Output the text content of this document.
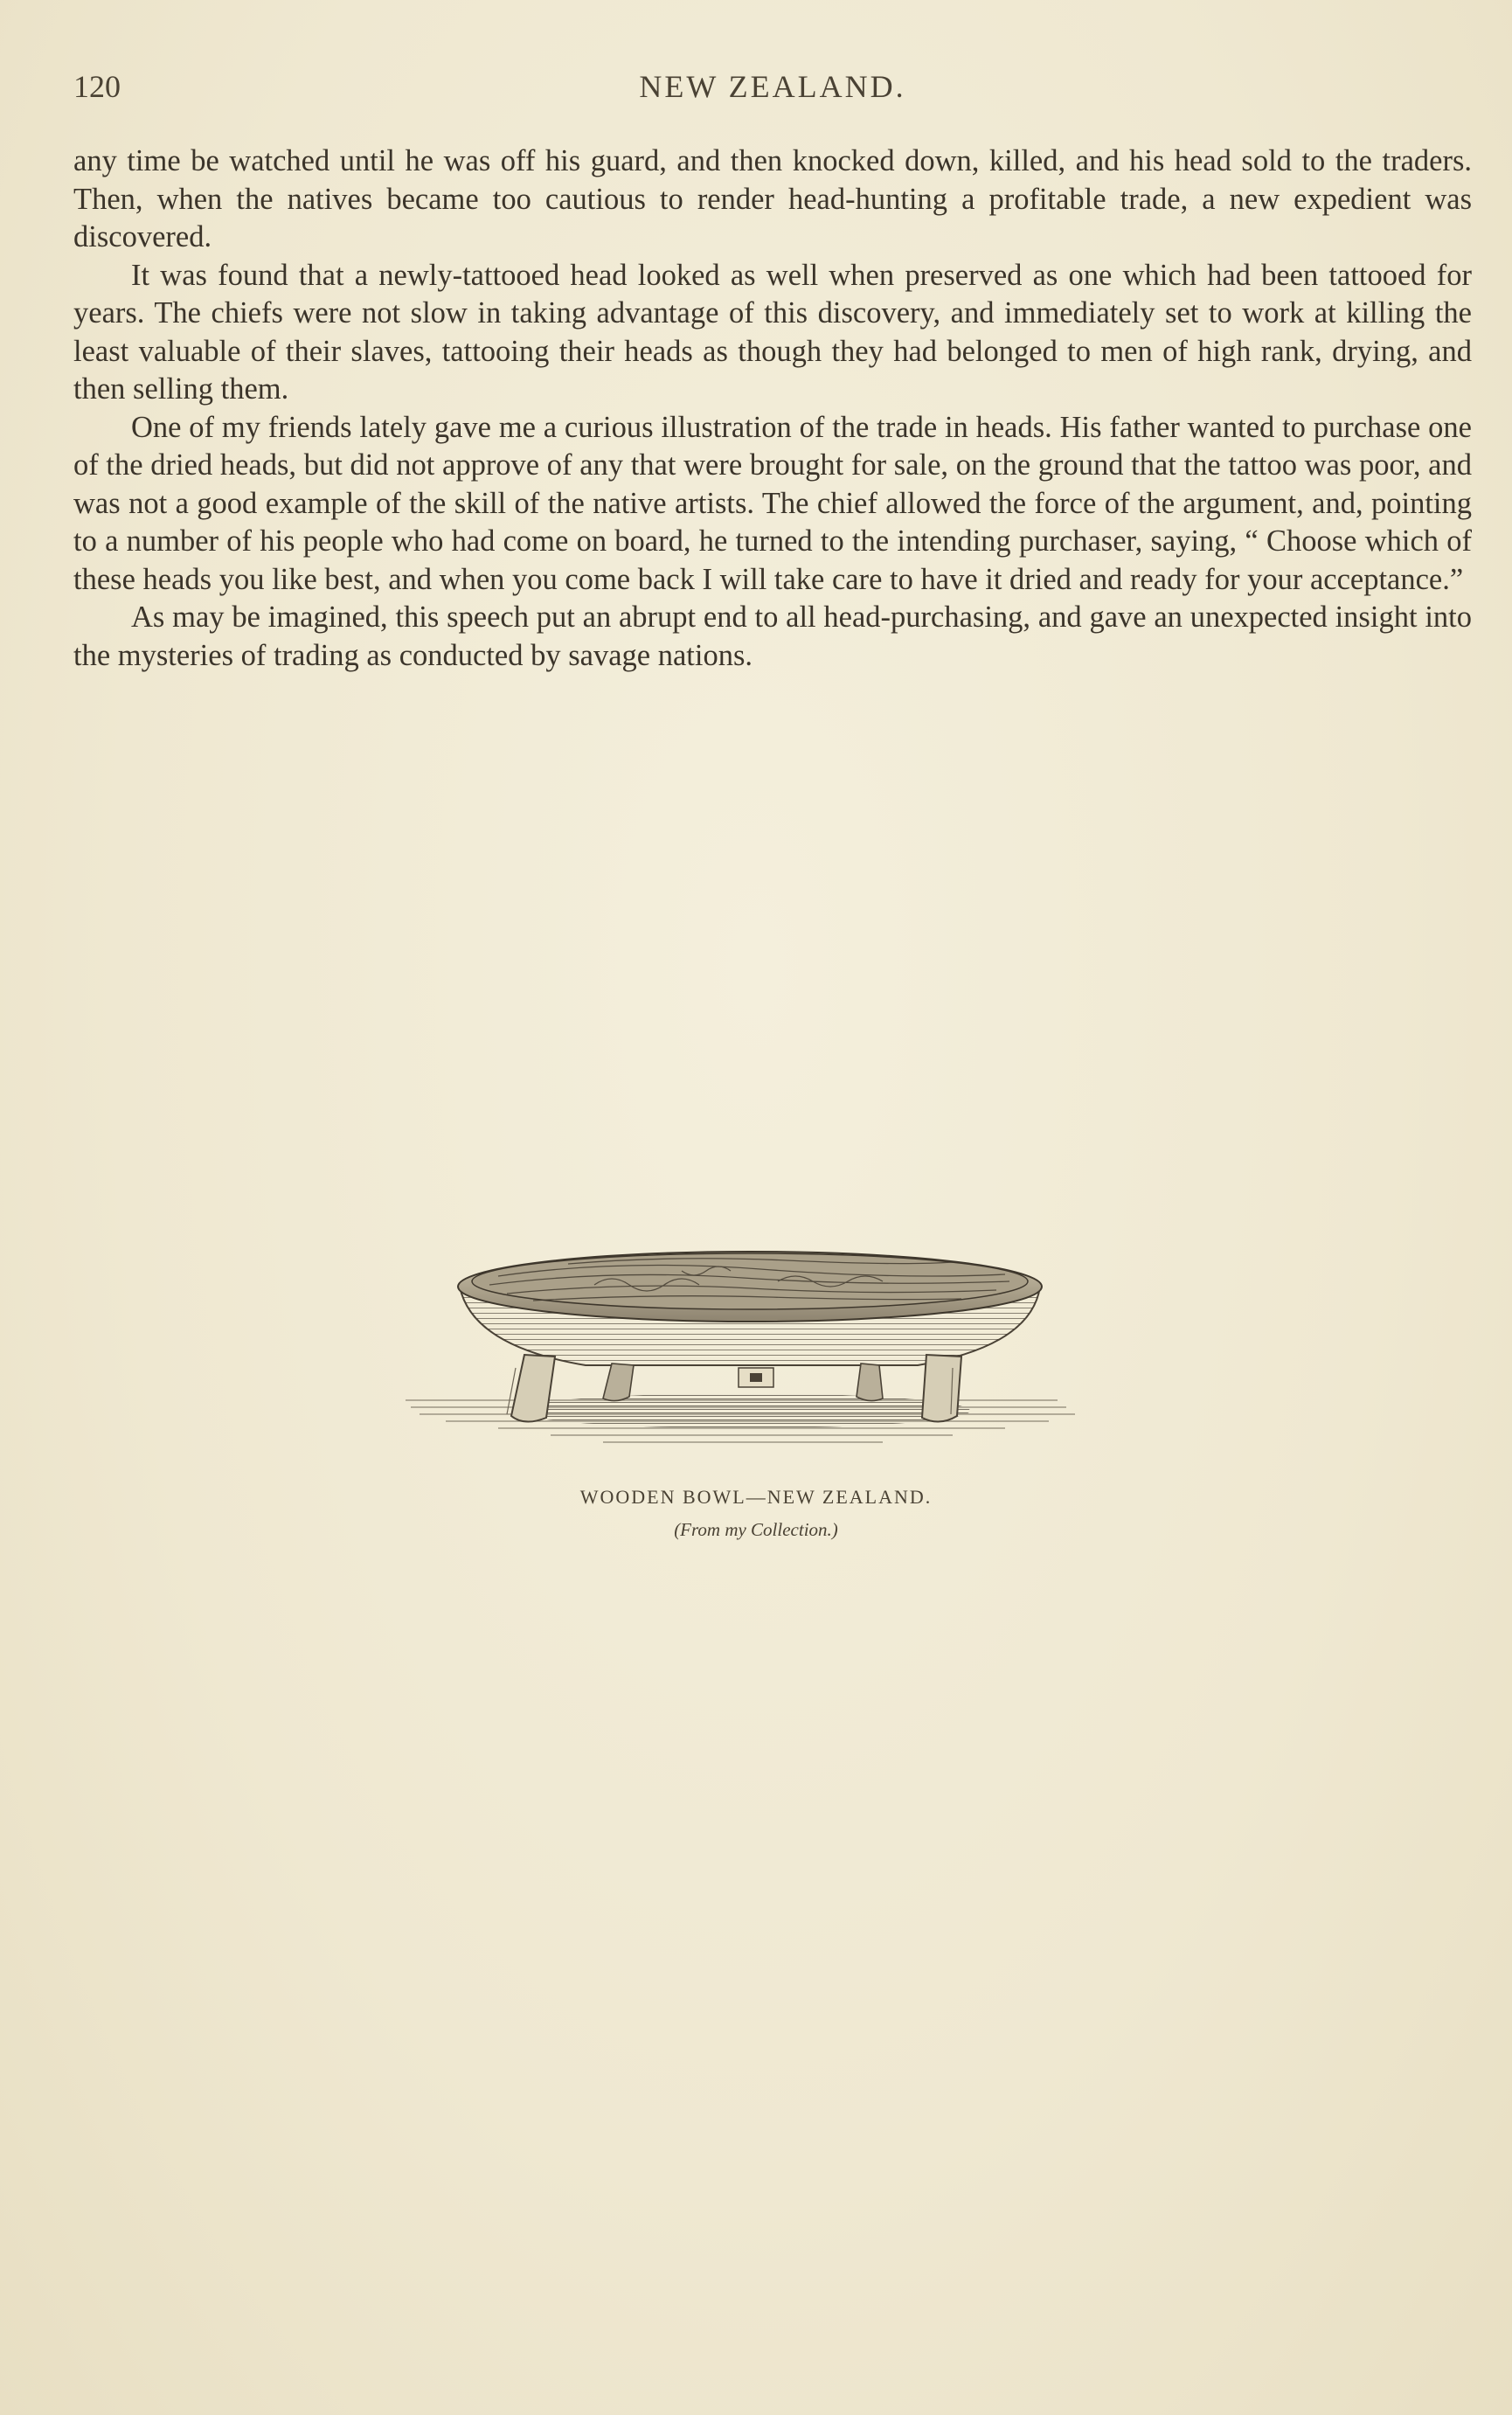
120	NEW ZEALAND.

any time be watched until he was off his guard, and then knocked down, killed, and his head sold to the traders. Then, when the natives became too cautious to render head-hunting a profitable trade, a new expedient was discovered.

It was found that a newly-tattooed head looked as well when preserved as one which had been tattooed for years. The chiefs were not slow in taking advantage of this discovery, and immediately set to work at killing the least valuable of their slaves, tattooing their heads as though they had belonged to men of high rank, drying, and then selling them.

One of my friends lately gave me a curious illustration of the trade in heads. His father wanted to purchase one of the dried heads, but did not approve of any that were brought for sale, on the ground that the tattoo was poor, and was not a good example of the skill of the native artists. The chief allowed the force of the argument, and, pointing to a number of his people who had come on board, he turned to the intending purchaser, saying, “ Choose which of these heads you like best, and when you come back I will take care to have it dried and ready for your acceptance.”

As may be imagined, this speech put an abrupt end to all head-purchasing, and gave an unexpected insight into the mysteries of trading as conducted by savage nations.

WOODEN BOWL—NEW ZEALAND.
(From my Collection.)
